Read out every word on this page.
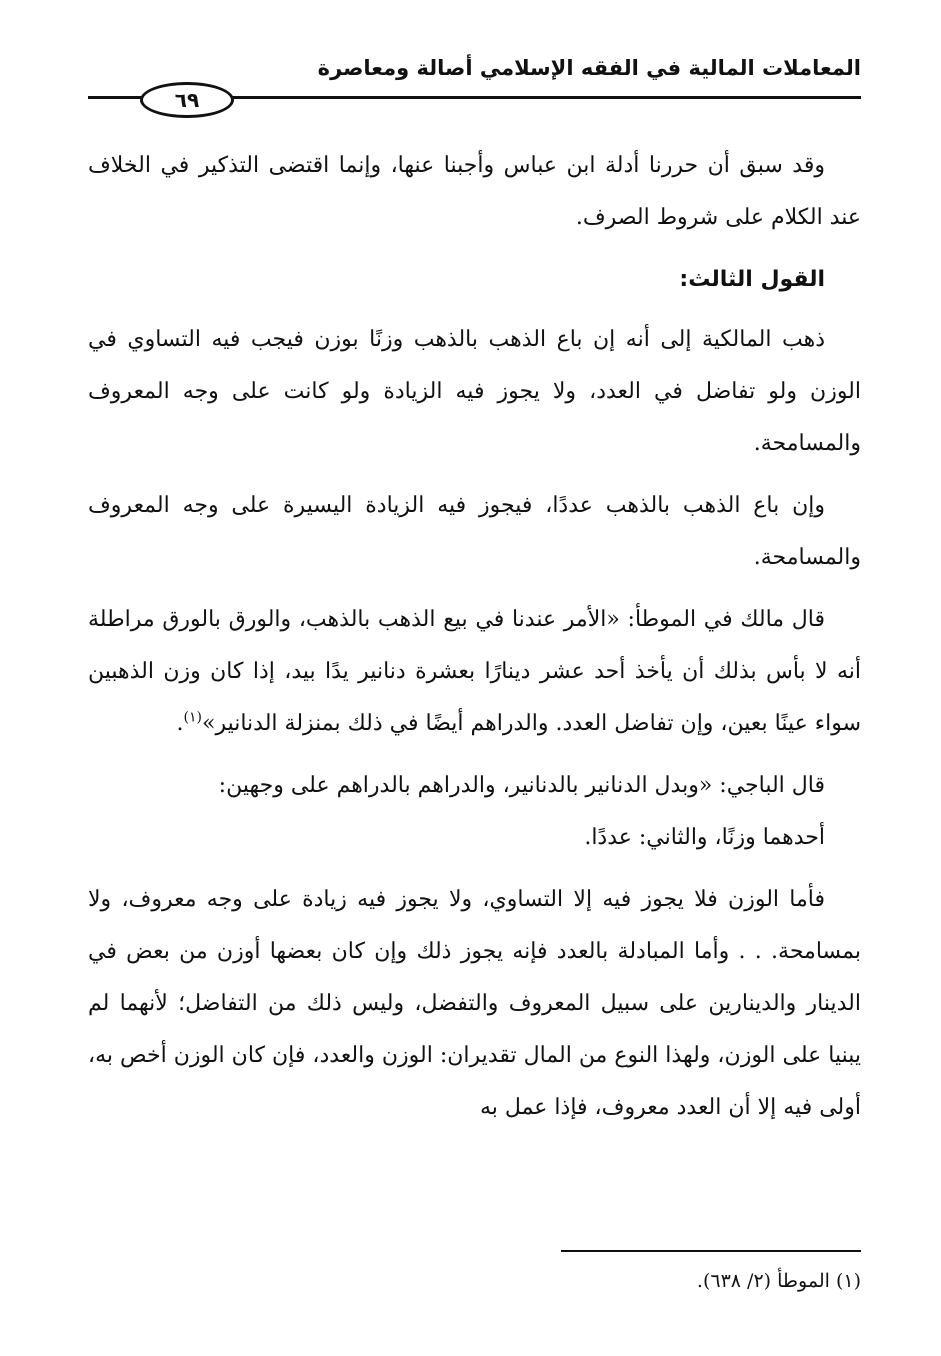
المعاملات المالية في الفقه الإسلامي أصالة ومعاصرة
٦٩

وقد سبق أن حررنا أدلة ابن عباس وأجبنا عنها، وإنما اقتضى التذكير في الخلاف عند الكلام على شروط الصرف.

القول الثالث:

ذهب المالكية إلى أنه إن باع الذهب بالذهب وزنًا بوزن فيجب فيه التساوي في الوزن ولو تفاضل في العدد، ولا يجوز فيه الزيادة ولو كانت على وجه المعروف والمسامحة.

وإن باع الذهب بالذهب عددًا، فيجوز فيه الزيادة اليسيرة على وجه المعروف والمسامحة.

قال مالك في الموطأ: «الأمر عندنا في بيع الذهب بالذهب، والورق بالورق مراطلة أنه لا بأس بذلك أن يأخذ أحد عشر دينارًا بعشرة دنانير يدًا بيد، إذا كان وزن الذهبين سواء عينًا بعين، وإن تفاضل العدد. والدراهم أيضًا في ذلك بمنزلة الدنانير»$^{(١)}$.

قال الباجي: «وبدل الدنانير بالدنانير، والدراهم بالدراهم على وجهين:

أحدهما وزنًا، والثاني: عددًا.

فأما الوزن فلا يجوز فيه إلا التساوي، ولا يجوز فيه زيادة على وجه معروف، ولا بمسامحة. . . وأما المبادلة بالعدد فإنه يجوز ذلك وإن كان بعضها أوزن من بعض في الدينار والدينارين على سبيل المعروف والتفضل، وليس ذلك من التفاضل؛ لأنهما لم يبنيا على الوزن، ولهذا النوع من المال تقديران: الوزن والعدد، فإن كان الوزن أخص به، أولى فيه إلا أن العدد معروف، فإذا عمل به

(١) الموطأ (٢/ ٦٣٨).
